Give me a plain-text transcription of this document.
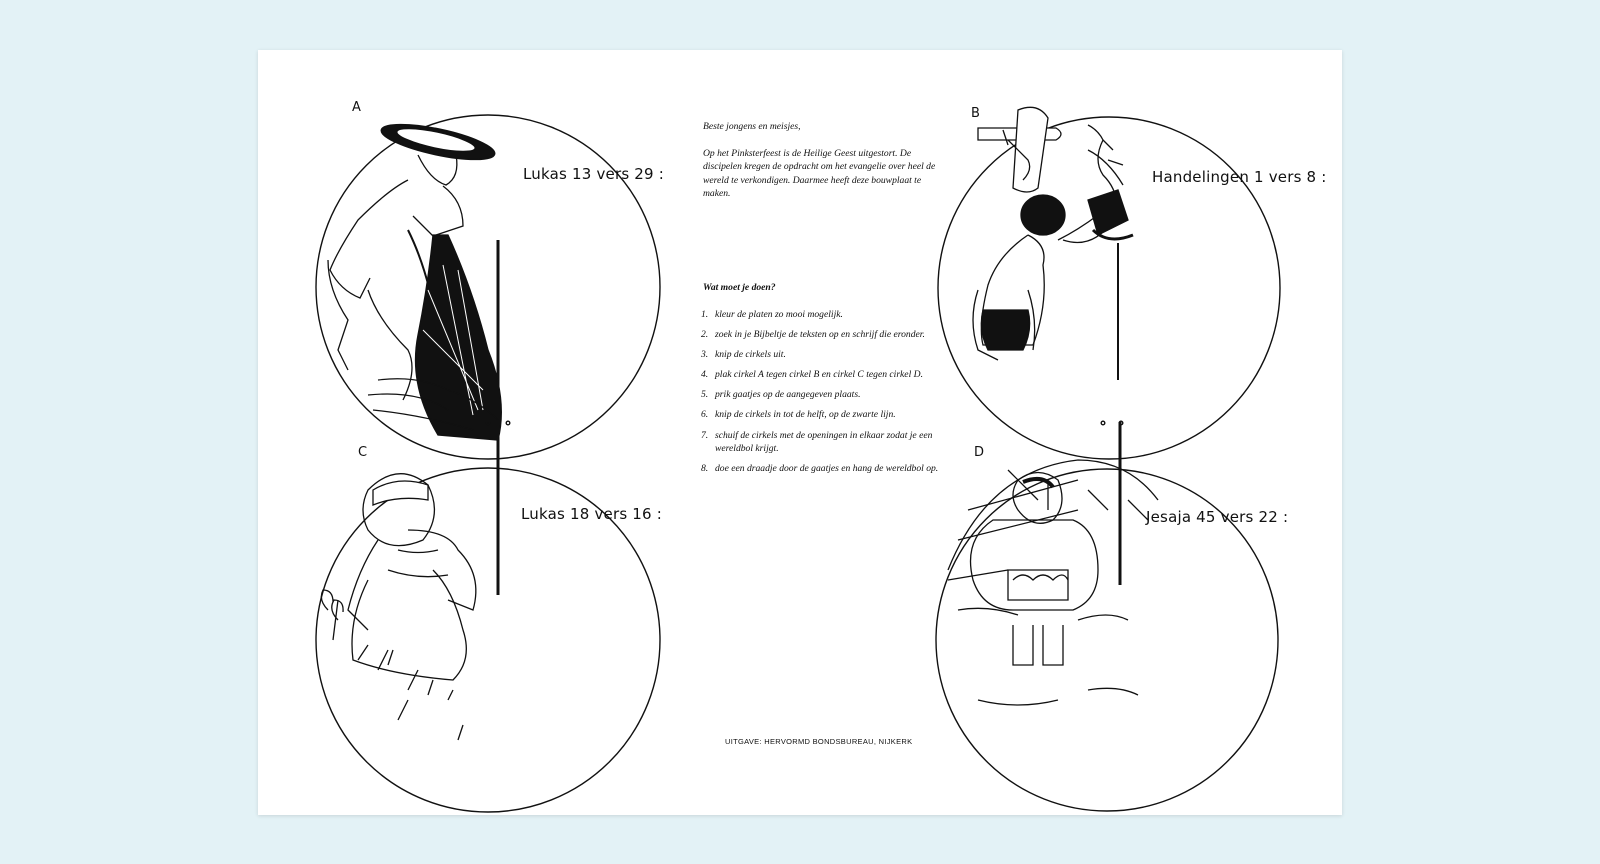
A	B
C	D
Lukas 13 vers 29 :	Handelingen 1 vers 8 :
Lukas 18 vers 16 :	Jesaja 45 vers 22 :

Beste jongens en meisjes,

Op het Pinksterfeest is de Heilige Geest uitgestort. De discipelen kregen de opdracht om het evangelie over heel de wereld te verkondigen. Daarmee heeft deze bouwplaat te maken.

Wat moet je doen?
1. kleur de platen zo mooi mogelijk.
2. zoek in je Bijbeltje de teksten op en schrijf die eronder.
3. knip de cirkels uit.
4. plak cirkel A tegen cirkel B en cirkel C tegen cirkel D.
5. prik gaatjes op de aangegeven plaats.
6. knip de cirkels in tot de helft, op de zwarte lijn.
7. schuif de cirkels met de openingen in elkaar zodat je een wereldbol krijgt.
8. doe een draadje door de gaatjes en hang de wereldbol op.
UITGAVE: HERVORMD BONDSBUREAU, NIJKERK
